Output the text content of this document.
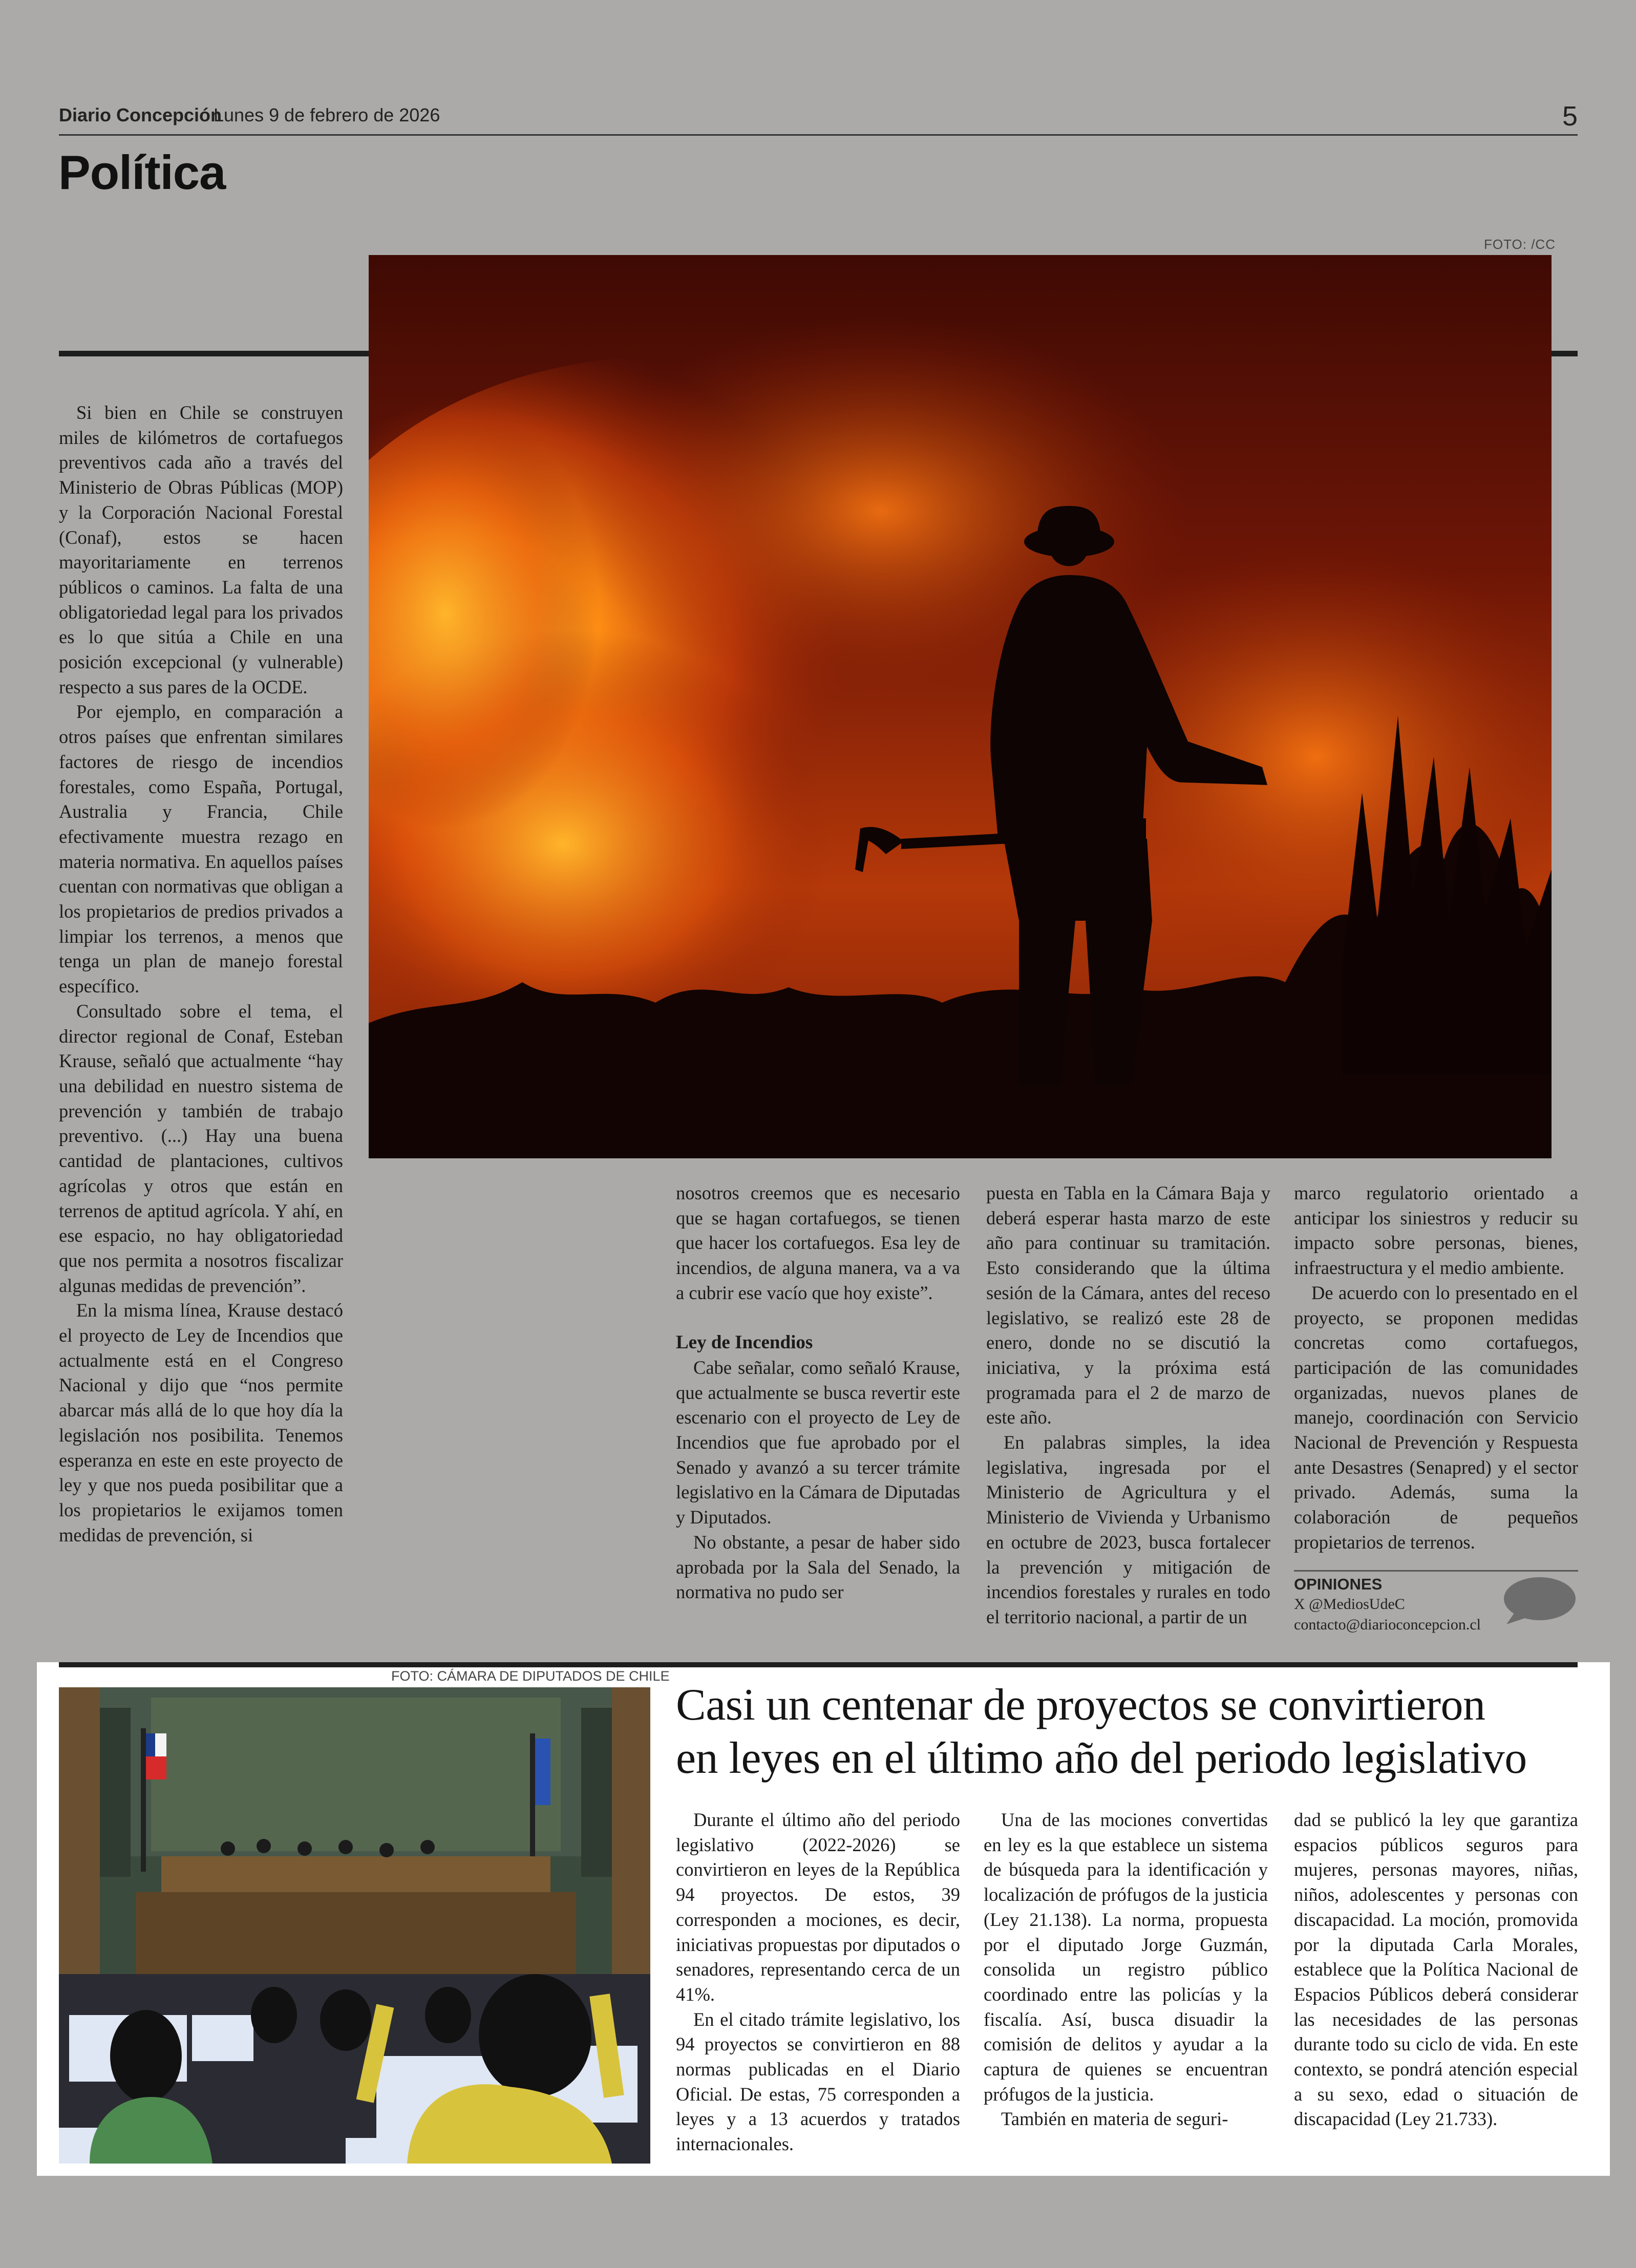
Diario Concepción
Lunes 9 de febrero de 2026	5
Política
FOTO: /CC

Si bien en Chile se construyen miles de kilómetros de cortafuegos preventivos cada año a través del Ministerio de Obras Públicas (MOP) y la Corporación Nacional Forestal (Conaf), estos se hacen mayoritariamente en terrenos públicos o caminos. La falta de una obligatoriedad legal para los privados es lo que sitúa a Chile en una posición excepcional (y vulnerable) respecto a sus pares de la OCDE.

Por ejemplo, en comparación a otros países que enfrentan similares factores de riesgo de incendios forestales, como España, Portugal, Australia y Francia, Chile efectivamente muestra rezago en materia normativa. En aquellos países cuentan con normativas que obligan a los propietarios de predios privados a limpiar los terrenos, a menos que tenga un plan de manejo forestal específico.

Consultado sobre el tema, el director regional de Conaf, Esteban Krause, señaló que actualmente “hay una debilidad en nuestro sistema de prevención y también de trabajo preventivo. (...) Hay una buena cantidad de plantaciones, cultivos agrícolas y otros que están en terrenos de aptitud agrícola. Y ahí, en ese espacio, no hay obligatoriedad que nos permita a nosotros fiscalizar algunas medidas de prevención”.

En la misma línea, Krause destacó el proyecto de Ley de Incendios que actualmente está en el Congreso Nacional y dijo que “nos permite abarcar más allá de lo que hoy día la legislación nos posibilita. Tenemos esperanza en este en este proyecto de ley y que nos pueda posibilitar que a los propietarios le exijamos tomen medidas de prevención, si

nosotros creemos que es necesario que se hagan cortafuegos, se tienen que hacer los cortafuegos. Esa ley de incendios, de alguna manera, va a va a cubrir ese vacío que hoy existe”.

Ley de Incendios

Cabe señalar, como señaló Krause, que actualmente se busca revertir este escenario con el proyecto de Ley de Incendios que fue aprobado por el Senado y avanzó a su tercer trámite legislativo en la Cámara de Diputadas y Diputados.

No obstante, a pesar de haber sido aprobada por la Sala del Senado, la normativa no pudo ser

puesta en Tabla en la Cámara Baja y deberá esperar hasta marzo de este año para continuar su tramitación. Esto considerando que la última sesión de la Cámara, antes del receso legislativo, se realizó este 28 de enero, donde no se discutió la iniciativa, y la próxima está programada para el 2 de marzo de este año.

En palabras simples, la idea legislativa, ingresada por el Ministerio de Agricultura y el Ministerio de Vivienda y Urbanismo en octubre de 2023, busca fortalecer la prevención y mitigación de incendios forestales y rurales en todo el territorio nacional, a partir de un

marco regulatorio orientado a anticipar los siniestros y reducir su impacto sobre personas, bienes, infraestructura y el medio ambiente.

De acuerdo con lo presentado en el proyecto, se proponen medidas concretas como cortafuegos, participación de las comunidades organizadas, nuevos planes de manejo, coordinación con Servicio Nacional de Prevención y Respuesta ante Desastres (Senapred) y el sector privado. Además, suma la colaboración de pequeños propietarios de terrenos.

OPINIONES
X @MediosUdeC
contacto@diarioconcepcion.cl
FOTO: CÁMARA DE DIPUTADOS DE CHILE
Casi un centenar de proyectos se convirtieron
en leyes en el último año del periodo legislativo

Durante el último año del periodo legislativo (2022-2026) se convirtieron en leyes de la República 94 proyectos. De estos, 39 corresponden a mociones, es decir, iniciativas propuestas por diputados o senadores, representando cerca de un 41%.

En el citado trámite legislativo, los 94 proyectos se convirtieron en 88 normas publicadas en el Diario Oficial. De estas, 75 corresponden a leyes y a 13 acuerdos y tratados internacionales.

Una de las mociones convertidas en ley es la que establece un sistema de búsqueda para la identificación y localización de prófugos de la justicia (Ley 21.138). La norma, propuesta por el diputado Jorge Guzmán, consolida un registro público coordinado entre las policías y la fiscalía. Así, busca disuadir la comisión de delitos y ayudar a la captura de quienes se encuentran prófugos de la justicia.

También en materia de seguri-

dad se publicó la ley que garantiza espacios públicos seguros para mujeres, personas mayores, niñas, niños, adolescentes y personas con discapacidad. La moción, promovida por la diputada Carla Morales, establece que la Política Nacional de Espacios Públicos deberá considerar las necesidades de las personas durante todo su ciclo de vida. En este contexto, se pondrá atención especial a su sexo, edad o situación de discapacidad (Ley 21.733).
